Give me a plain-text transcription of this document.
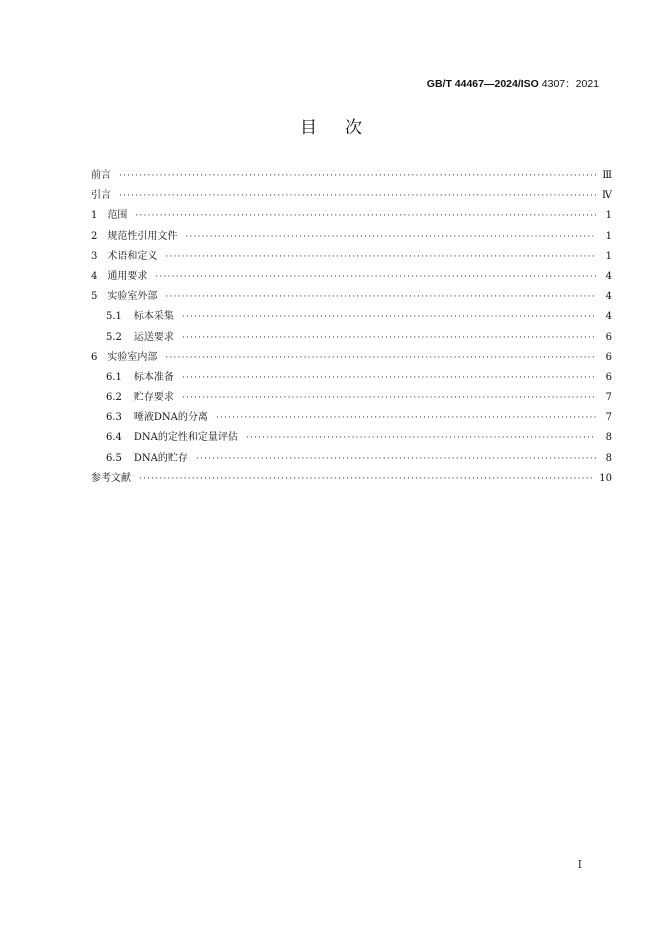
GB/T 44467—2024/ISO 4307：2021
目次
前言 ·····	Ⅲ
引言 ·····	Ⅳ
1 范围 ·····	1
2 规范性引用文件 ·····	1
3 术语和定义 ·····	1
4 通用要求 ·····	4
5 实验室外部 ·····	4
5.1 标本采集 ·····	4
5.2 运送要求 ·····	6
6 实验室内部 ·····	6
6.1 标本准备 ·····	6
6.2 贮存要求 ·····	7
6.3 唾液DNA的分离 ·····	7
6.4 DNA的定性和定量评估 ·····	8
6.5 DNA的贮存 ·····	8
参考文献 ·····	10
I
